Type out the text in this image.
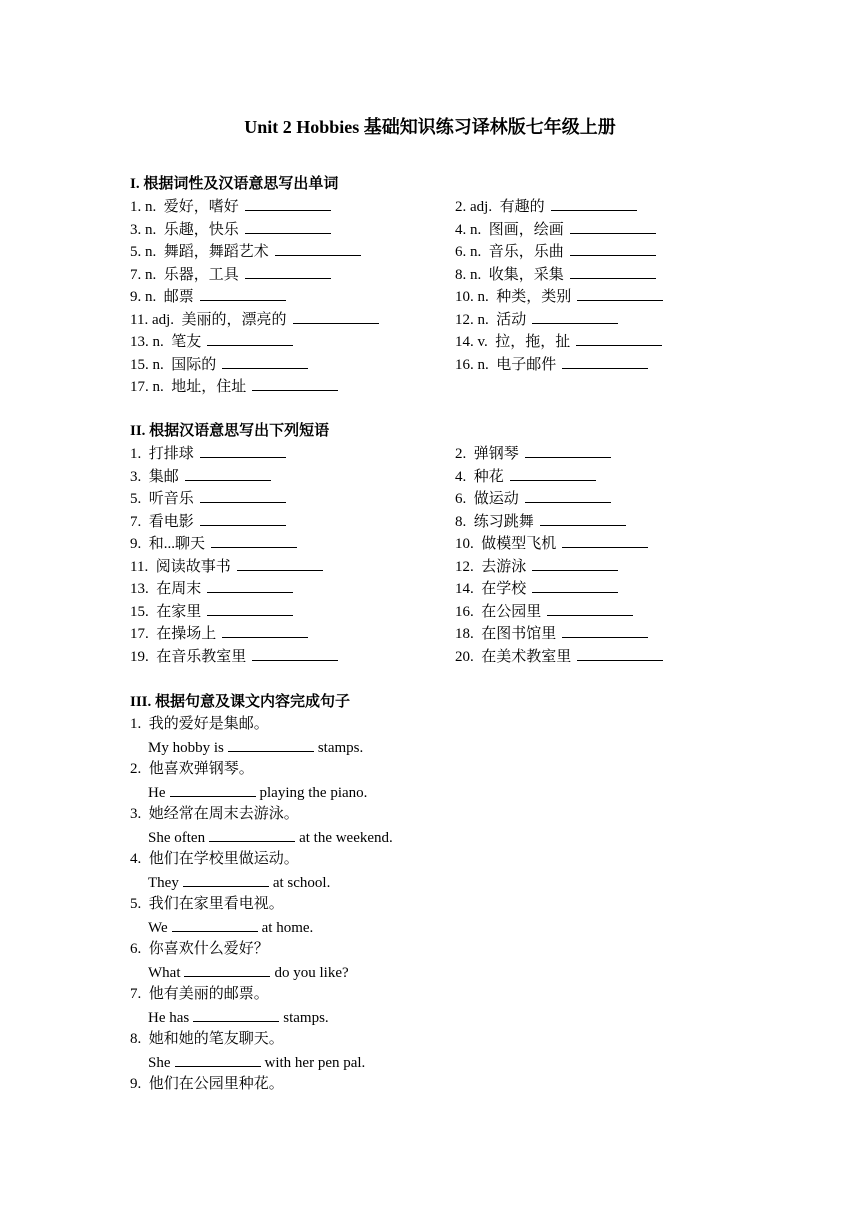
Unit 2 Hobbies 基础知识练习译林版七年级上册
I. 根据词性及汉语意思写出单词
1. n.  爱好，嗜好	2. adj.  有趣的
3. n.  乐趣，快乐	4. n.  图画，绘画
5. n.  舞蹈，舞蹈艺术	6. n.  音乐，乐曲
7. n.  乐器，工具	8. n.  收集，采集
9. n.  邮票	10. n.  种类，类别
11. adj.  美丽的，漂亮的	12. n.  活动
13. n.  笔友	14. v.  拉，拖，扯
15. n.  国际的	16. n.  电子邮件
17. n.  地址，住址
II. 根据汉语意思写出下列短语
1.  打排球	2.  弹钢琴
3.  集邮	4.  种花
5.  听音乐	6.  做运动
7.  看电影	8.  练习跳舞
9.  和...聊天	10.  做模型飞机
11.  阅读故事书	12.  去游泳
13.  在周末	14.  在学校
15.  在家里	16.  在公园里
17.  在操场上	18.  在图书馆里
19.  在音乐教室里	20.  在美术教室里
III. 根据句意及课文内容完成句子
1.  我的爱好是集邮。
My hobby is	stamps.
2.  他喜欢弹钢琴。
He	playing the piano.
3.  她经常在周末去游泳。
She often	at the weekend.
4.  他们在学校里做运动。
They	at school.
5.  我们在家里看电视。
We	at home.
6.  你喜欢什么爱好？
What	do you like?
7.  他有美丽的邮票。
He has	stamps.
8.  她和她的笔友聊天。
She	with her pen pal.
9.  他们在公园里种花。
